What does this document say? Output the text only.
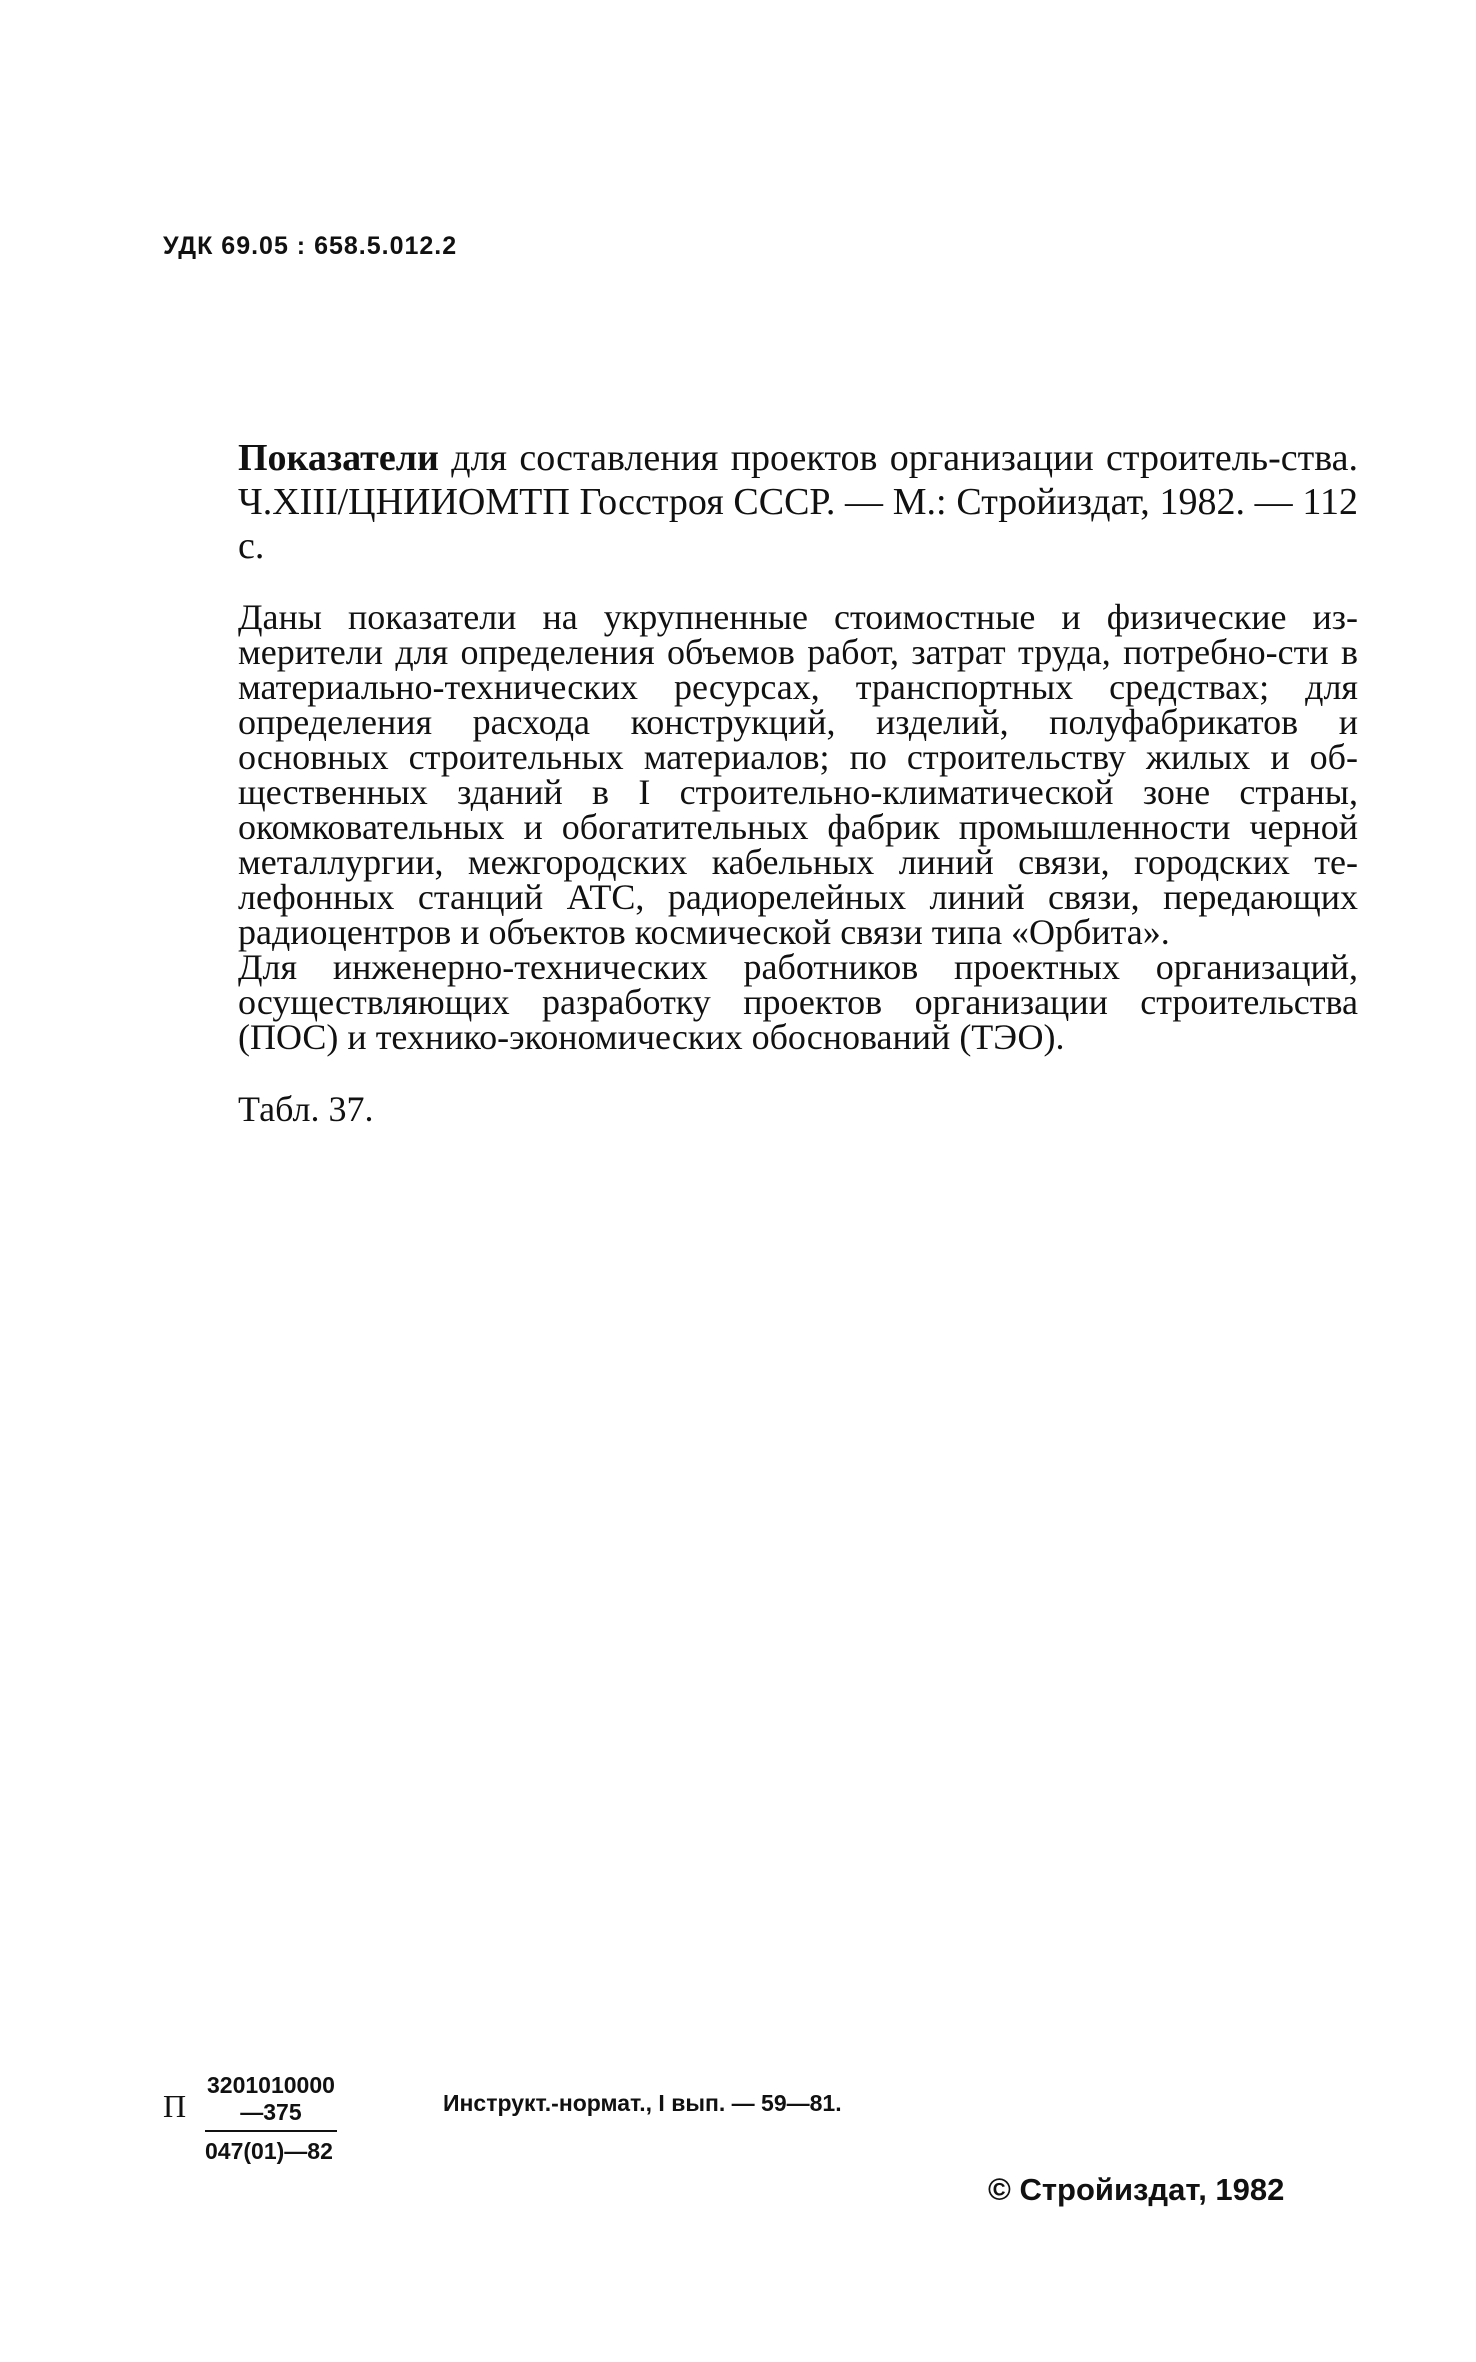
УДК 69.05 : 658.5.012.2
Показатели для составления проектов организации строитель-ства. Ч.XIII/ЦНИИОМТП Госстроя СССР. — М.: Стройиздат, 1982. — 112 с.

Даны показатели на укрупненные стоимостные и физические из-мерители для определения объемов работ, затрат труда, потребно-сти в материально-технических ресурсах, транспортных средствах; для определения расхода конструкций, изделий, полуфабрикатов и основных строительных материалов; по строительству жилых и об-щественных зданий в I строительно-климатической зоне страны, окомковательных и обогатительных фабрик промышленности черной металлургии, межгородских кабельных линий связи, городских те-лефонных станций АТС, радиорелейных линий связи, передающих радиоцентров и объектов космической связи типа «Орбита».

Для инженерно-технических работников проектных организаций, осуществляющих разработку проектов организации строительства (ПОС) и технико-экономических обоснований (ТЭО).

Табл. 37.
П $\frac{3201010000—375}{047(01)—82}$	Инструкт.-нормат., I вып. — 59—81.
© Стройиздат, 1982
